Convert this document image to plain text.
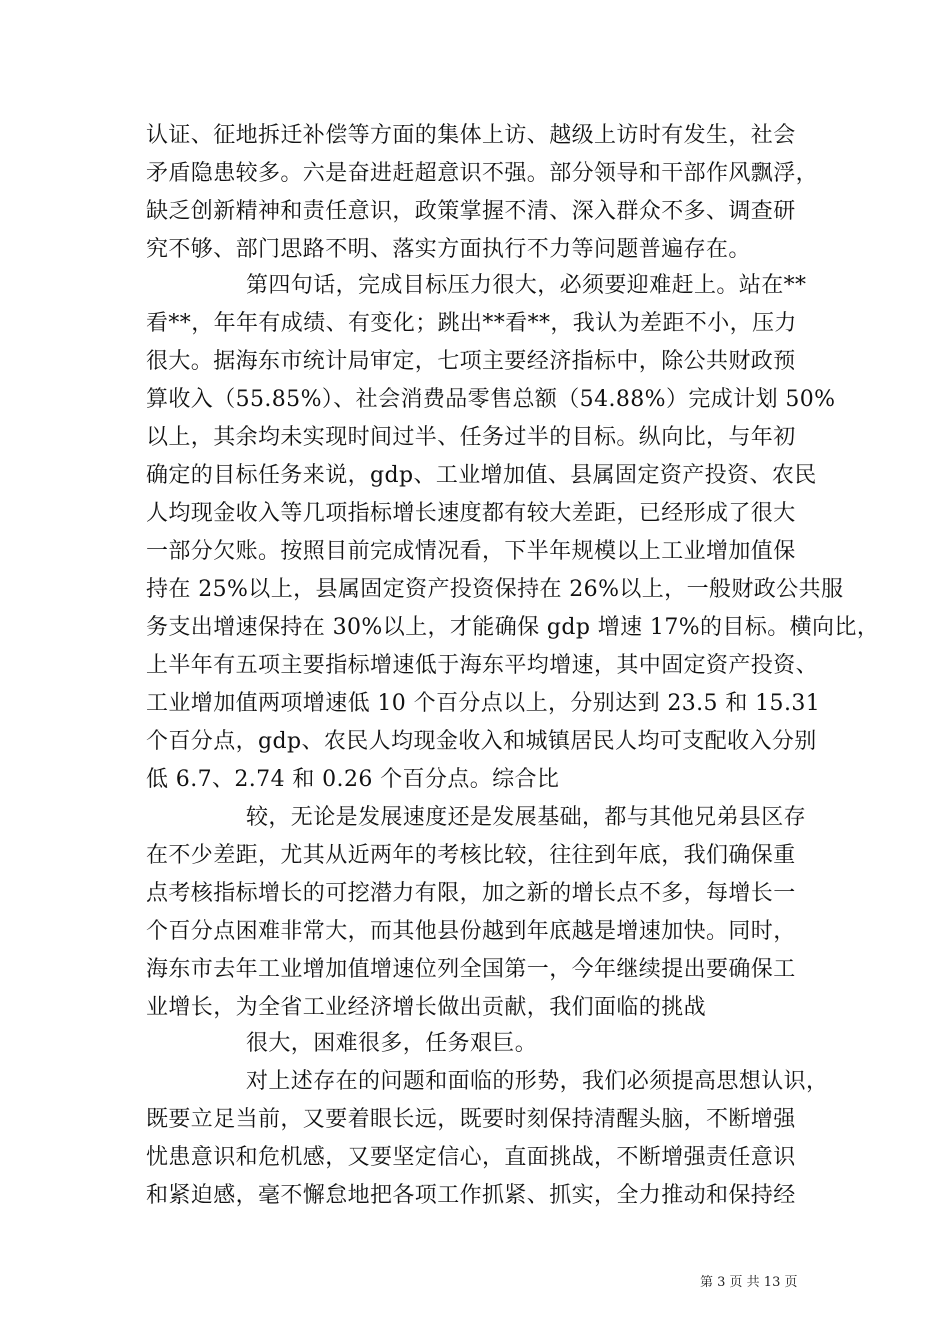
认证、征地拆迁补偿等方面的集体上访、越级上访时有发生，社会
矛盾隐患较多。六是奋进赶超意识不强。部分领导和干部作风飘浮，
缺乏创新精神和责任意识，政策掌握不清、深入群众不多、调查研
究不够、部门思路不明、落实方面执行不力等问题普遍存在。
第四句话，完成目标压力很大，必须要迎难赶上。站在**
看**，年年有成绩、有变化；跳出**看**，我认为差距不小，压力
很大。据海东市统计局审定，七项主要经济指标中，除公共财政预
算收入（55.85%）、社会消费品零售总额（54.88%）完成计划 50%
以上，其余均未实现时间过半、任务过半的目标。纵向比，与年初
确定的目标任务来说，gdp、工业增加值、县属固定资产投资、农民
人均现金收入等几项指标增长速度都有较大差距，已经形成了很大
一部分欠账。按照目前完成情况看，下半年规模以上工业增加值保
持在 25%以上，县属固定资产投资保持在 26%以上，一般财政公共服
务支出增速保持在 30%以上，才能确保 gdp 增速 17%的目标。横向比，
上半年有五项主要指标增速低于海东平均增速，其中固定资产投资、
工业增加值两项增速低 10 个百分点以上，分别达到 23.5 和 15.31
个百分点，gdp、农民人均现金收入和城镇居民人均可支配收入分别
低 6.7、2.74 和 0.26 个百分点。综合比
较，无论是发展速度还是发展基础，都与其他兄弟县区存
在不少差距，尤其从近两年的考核比较，往往到年底，我们确保重
点考核指标增长的可挖潜力有限，加之新的增长点不多，每增长一
个百分点困难非常大，而其他县份越到年底越是增速加快。同时，
海东市去年工业增加值增速位列全国第一，今年继续提出要确保工
业增长，为全省工业经济增长做出贡献，我们面临的挑战
很大，困难很多，任务艰巨。
对上述存在的问题和面临的形势，我们必须提高思想认识，
既要立足当前，又要着眼长远，既要时刻保持清醒头脑，不断增强
忧患意识和危机感，又要坚定信心，直面挑战，不断增强责任意识
和紧迫感，毫不懈怠地把各项工作抓紧、抓实，全力推动和保持经
第 3 页 共 13 页
